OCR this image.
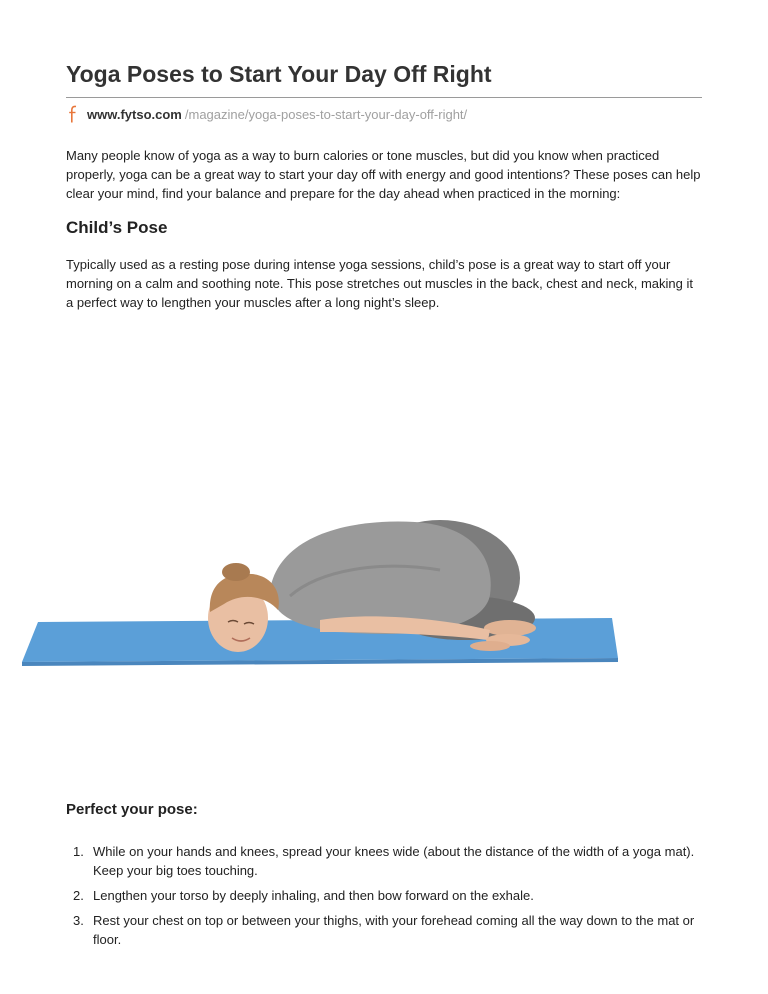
Yoga Poses to Start Your Day Off Right
www.fytso.com /magazine/yoga-poses-to-start-your-day-off-right/

Many people know of yoga as a way to burn calories or tone muscles, but did you know when practiced properly, yoga can be a great way to start your day off with energy and good intentions? These poses can help clear your mind, find your balance and prepare for the day ahead when practiced in the morning:

Child’s Pose

Typically used as a resting pose during intense yoga sessions, child’s pose is a great way to start off your morning on a calm and soothing note. This pose stretches out muscles in the back, chest and neck, making it a perfect way to lengthen your muscles after a long night’s sleep.

Perfect your pose:
1. While on your hands and knees, spread your knees wide (about the distance of the width of a yoga mat). Keep your big toes touching.
2. Lengthen your torso by deeply inhaling, and then bow forward on the exhale.
3. Rest your chest on top or between your thighs, with your forehead coming all the way down to the mat or floor.
